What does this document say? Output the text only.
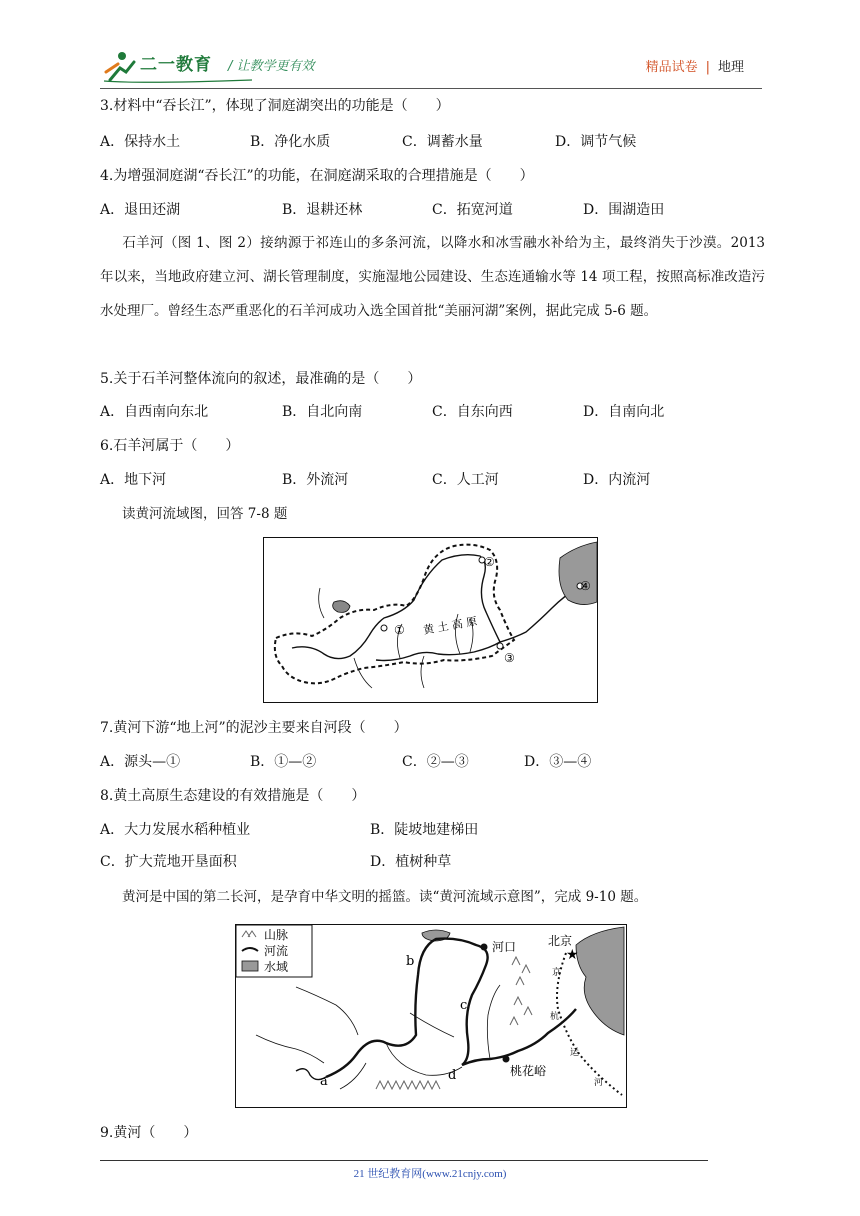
二一教育 / 让教学更有效	精品试卷 | 地理
3.材料中“吞长江”，体现了洞庭湖突出的功能是（　　）
A．保持水土	B．净化水质	C．调蓄水量	D．调节气候
4.为增强洞庭湖“吞长江”的功能，在洞庭湖采取的合理措施是（　　）
A．退田还湖	B．退耕还林	C．拓宽河道	D．围湖造田
石羊河（图 1、图 2）接纳源于祁连山的多条河流，以降水和冰雪融水补给为主，最终消失于沙漠。2013 年以来，当地政府建立河、湖长管理制度，实施湿地公园建设、生态连通输水等 14 项工程，按照高标准改造污水处理厂。曾经生态严重恶化的石羊河成功入选全国首批“美丽河湖”案例，据此完成 5-6 题。
5.关于石羊河整体流向的叙述，最准确的是（　　）
A．自西南向东北	B．自北向南	C．自东向西	D．自南向北
6.石羊河属于（　　）
A．地下河	B．外流河	C．人工河	D．内流河
读黄河流域图，回答 7-8 题
黄 土 高 原
①
②
③
④
7.黄河下游“地上河”的泥沙主要来自河段（　　）
A．源头—①	B．①—②	C．②—③	D．③—④
8.黄土高原生态建设的有效措施是（　　）
A．大力发展水稻种植业	B．陡坡地建梯田
C．扩大荒地开垦面积	D．植树种草
黄河是中国的第二长河，是孕育中华文明的摇篮。读“黄河流域示意图”，完成 9-10 题。
山脉
河流
水域
★
河口	北京
桃花峪
a
b
c
d
京
杭
运
河
9.黄河（　　）
21 世纪教育网(www.21cnjy.com)
